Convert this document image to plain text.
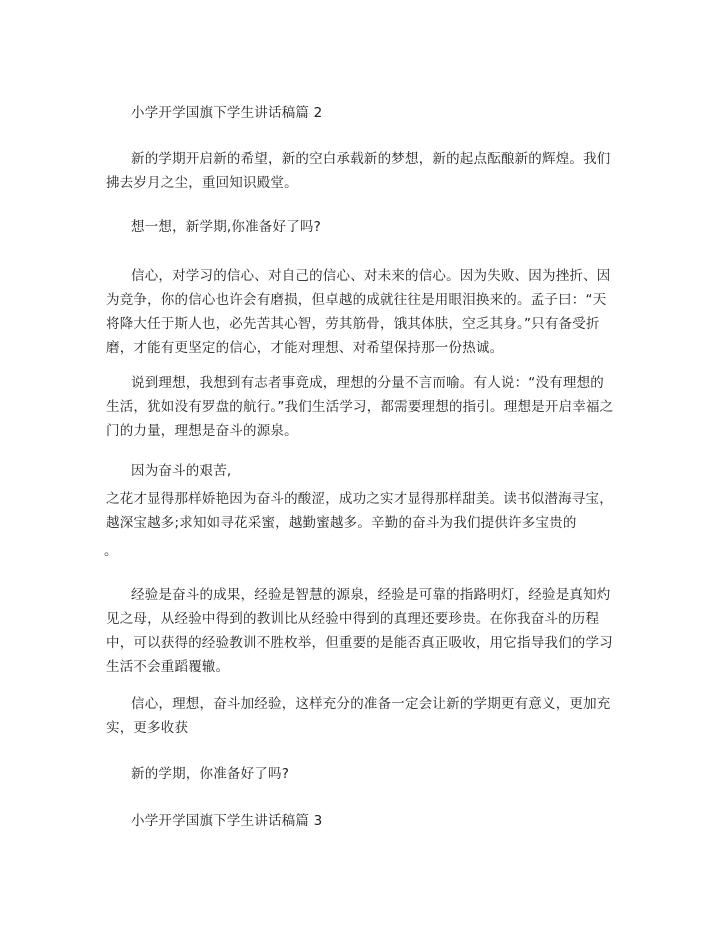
小学开学国旗下学生讲话稿篇 2
新的学期开启新的希望，新的空白承载新的梦想，新的起点酝酿新的辉煌。我们拂去岁月之尘，重回知识殿堂。
想一想，新学期,你准备好了吗?
信心，对学习的信心、对自己的信心、对未来的信心。因为失败、因为挫折、因为竞争，你的信心也许会有磨损，但卓越的成就往往是用眼泪换来的。孟子曰：“天将降大任于斯人也，必先苦其心智，劳其筋骨，饿其体肤，空乏其身。”只有备受折磨，才能有更坚定的信心，才能对理想、对希望保持那一份热诚。
说到理想，我想到有志者事竟成，理想的分量不言而喻。有人说：“没有理想的生活，犹如没有罗盘的航行。”我们生活学习，都需要理想的指引。理想是开启幸福之门的力量，理想是奋斗的源泉。
因为奋斗的艰苦,
之花才显得那样娇艳因为奋斗的酸涩，成功之实才显得那样甜美。读书似潜海寻宝，越深宝越多;求知如寻花采蜜，越勤蜜越多。辛勤的奋斗为我们提供许多宝贵的
。
经验是奋斗的成果，经验是智慧的源泉，经验是可靠的指路明灯，经验是真知灼见之母，从经验中得到的教训比从经验中得到的真理还要珍贵。在你我奋斗的历程中，可以获得的经验教训不胜枚举，但重要的是能否真正吸收，用它指导我们的学习生活不会重蹈覆辙。
信心，理想，奋斗加经验，这样充分的准备一定会让新的学期更有意义，更加充实，更多收获
新的学期，你准备好了吗?
小学开学国旗下学生讲话稿篇 3
